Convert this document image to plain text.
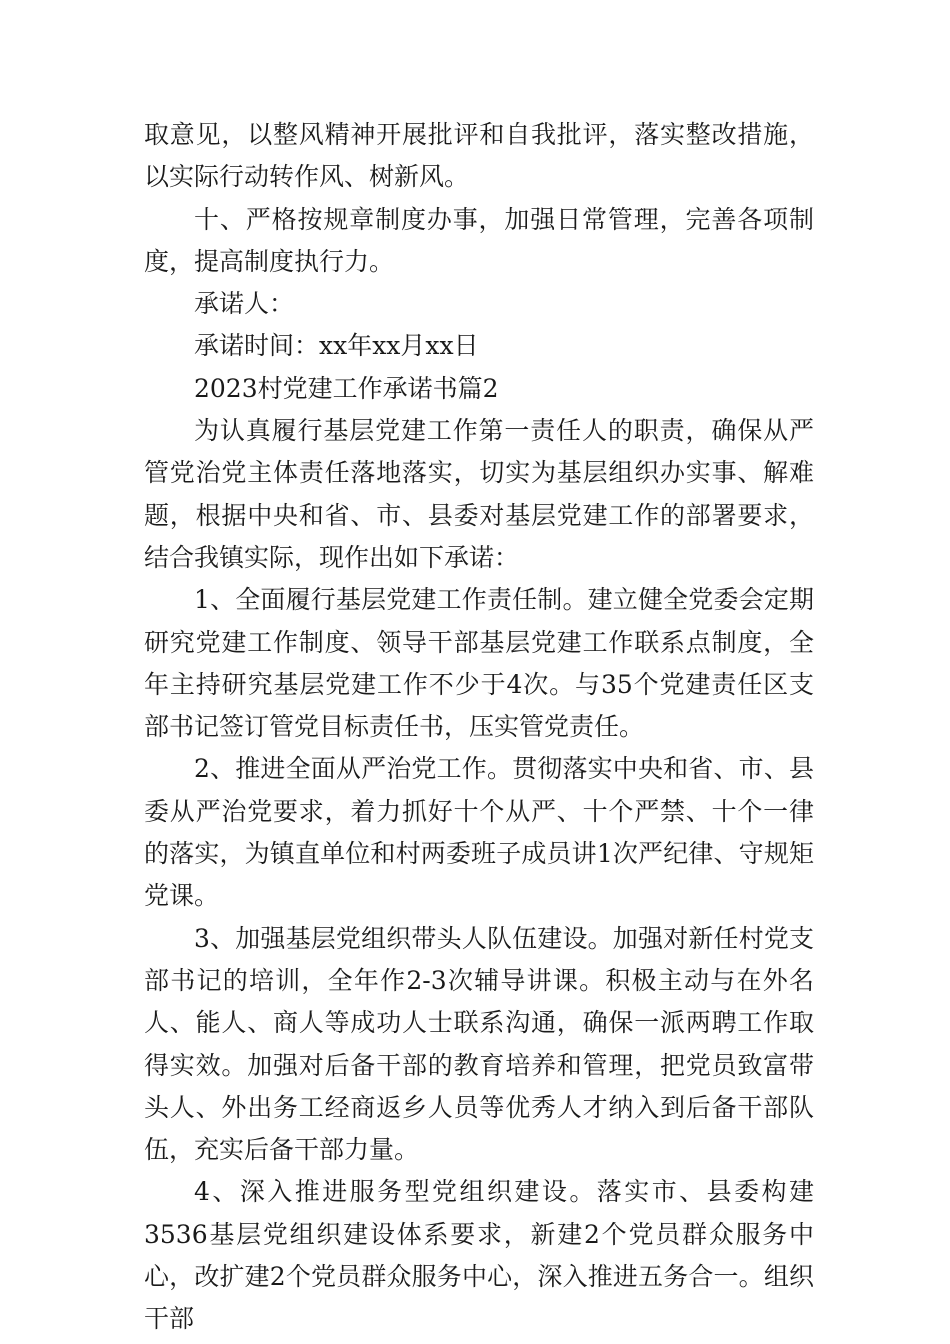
取意见，以整风精神开展批评和自我批评，落实整改措施，以实际行动转作风、树新风。

十、严格按规章制度办事，加强日常管理，完善各项制度，提高制度执行力。

承诺人：

承诺时间：xx年xx月xx日

2023村党建工作承诺书篇2

为认真履行基层党建工作第一责任人的职责，确保从严管党治党主体责任落地落实，切实为基层组织办实事、解难题，根据中央和省、市、县委对基层党建工作的部署要求，结合我镇实际，现作出如下承诺：

1、全面履行基层党建工作责任制。建立健全党委会定期研究党建工作制度、领导干部基层党建工作联系点制度，全年主持研究基层党建工作不少于4次。与35个党建责任区支部书记签订管党目标责任书，压实管党责任。

2、推进全面从严治党工作。贯彻落实中央和省、市、县委从严治党要求，着力抓好十个从严、十个严禁、十个一律的落实，为镇直单位和村两委班子成员讲1次严纪律、守规矩党课。

3、加强基层党组织带头人队伍建设。加强对新任村党支部书记的培训，全年作2-3次辅导讲课。积极主动与在外名人、能人、商人等成功人士联系沟通，确保一派两聘工作取得实效。加强对后备干部的教育培养和管理，把党员致富带头人、外出务工经商返乡人员等优秀人才纳入到后备干部队伍，充实后备干部力量。

4、深入推进服务型党组织建设。落实市、县委构建3536基层党组织建设体系要求，新建2个党员群众服务中心，改扩建2个党员群众服务中心，深入推进五务合一。组织干部
